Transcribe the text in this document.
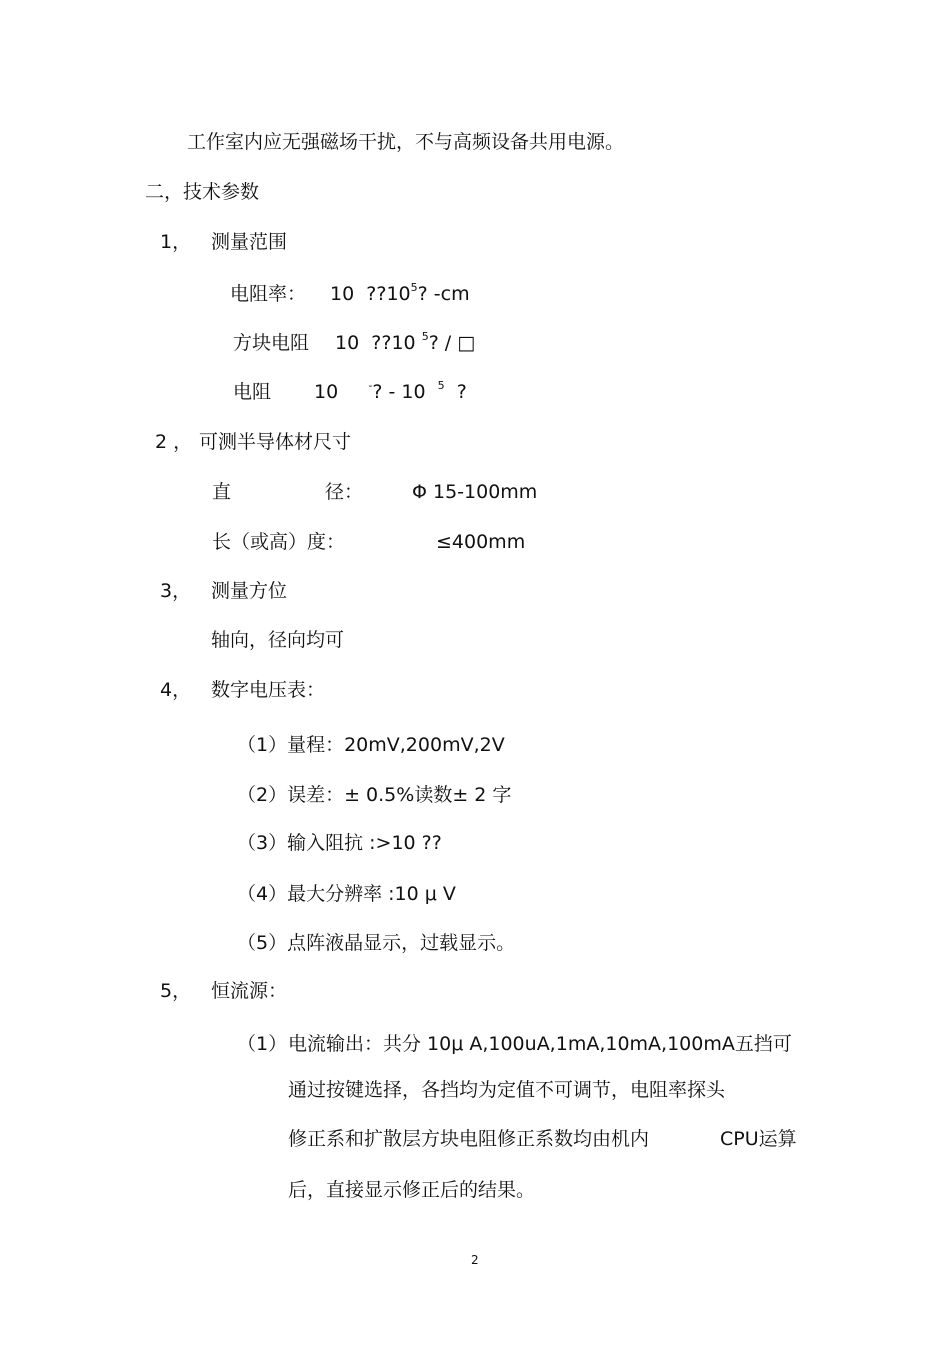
工作室内应无强磁场干扰，不与高频设备共用电源。
二，技术参数
1， 测量范围
电阻率： 10 $??10^5$? -cm
方块电阻 10 ??10 $^5$? / □
电阻 10	-? - 10 $^5$ ?
2 ， 可测半导体材尺寸
直	径：	Φ 15-100mm
长（或高）度：	≤400mm
3， 测量方位
轴向，径向均可
4， 数字电压表：
（1）量程：20mV,200mV,2V
（2）误差：± 0.5%读数± 2 字
（3）输入阻抗 :>10 ??
（4）最大分辨率 :10 μ V
（5）点阵液晶显示，过载显示。
5， 恒流源：
（1） 电流输出：共分 10μ A,100uA,1mA,10mA,100mA五挡可
通过按键选择，各挡均为定值不可调节，电阻率探头
修正系和扩散层方块电阻修正系数均由机内	CPU运算
后，直接显示修正后的结果。
2
